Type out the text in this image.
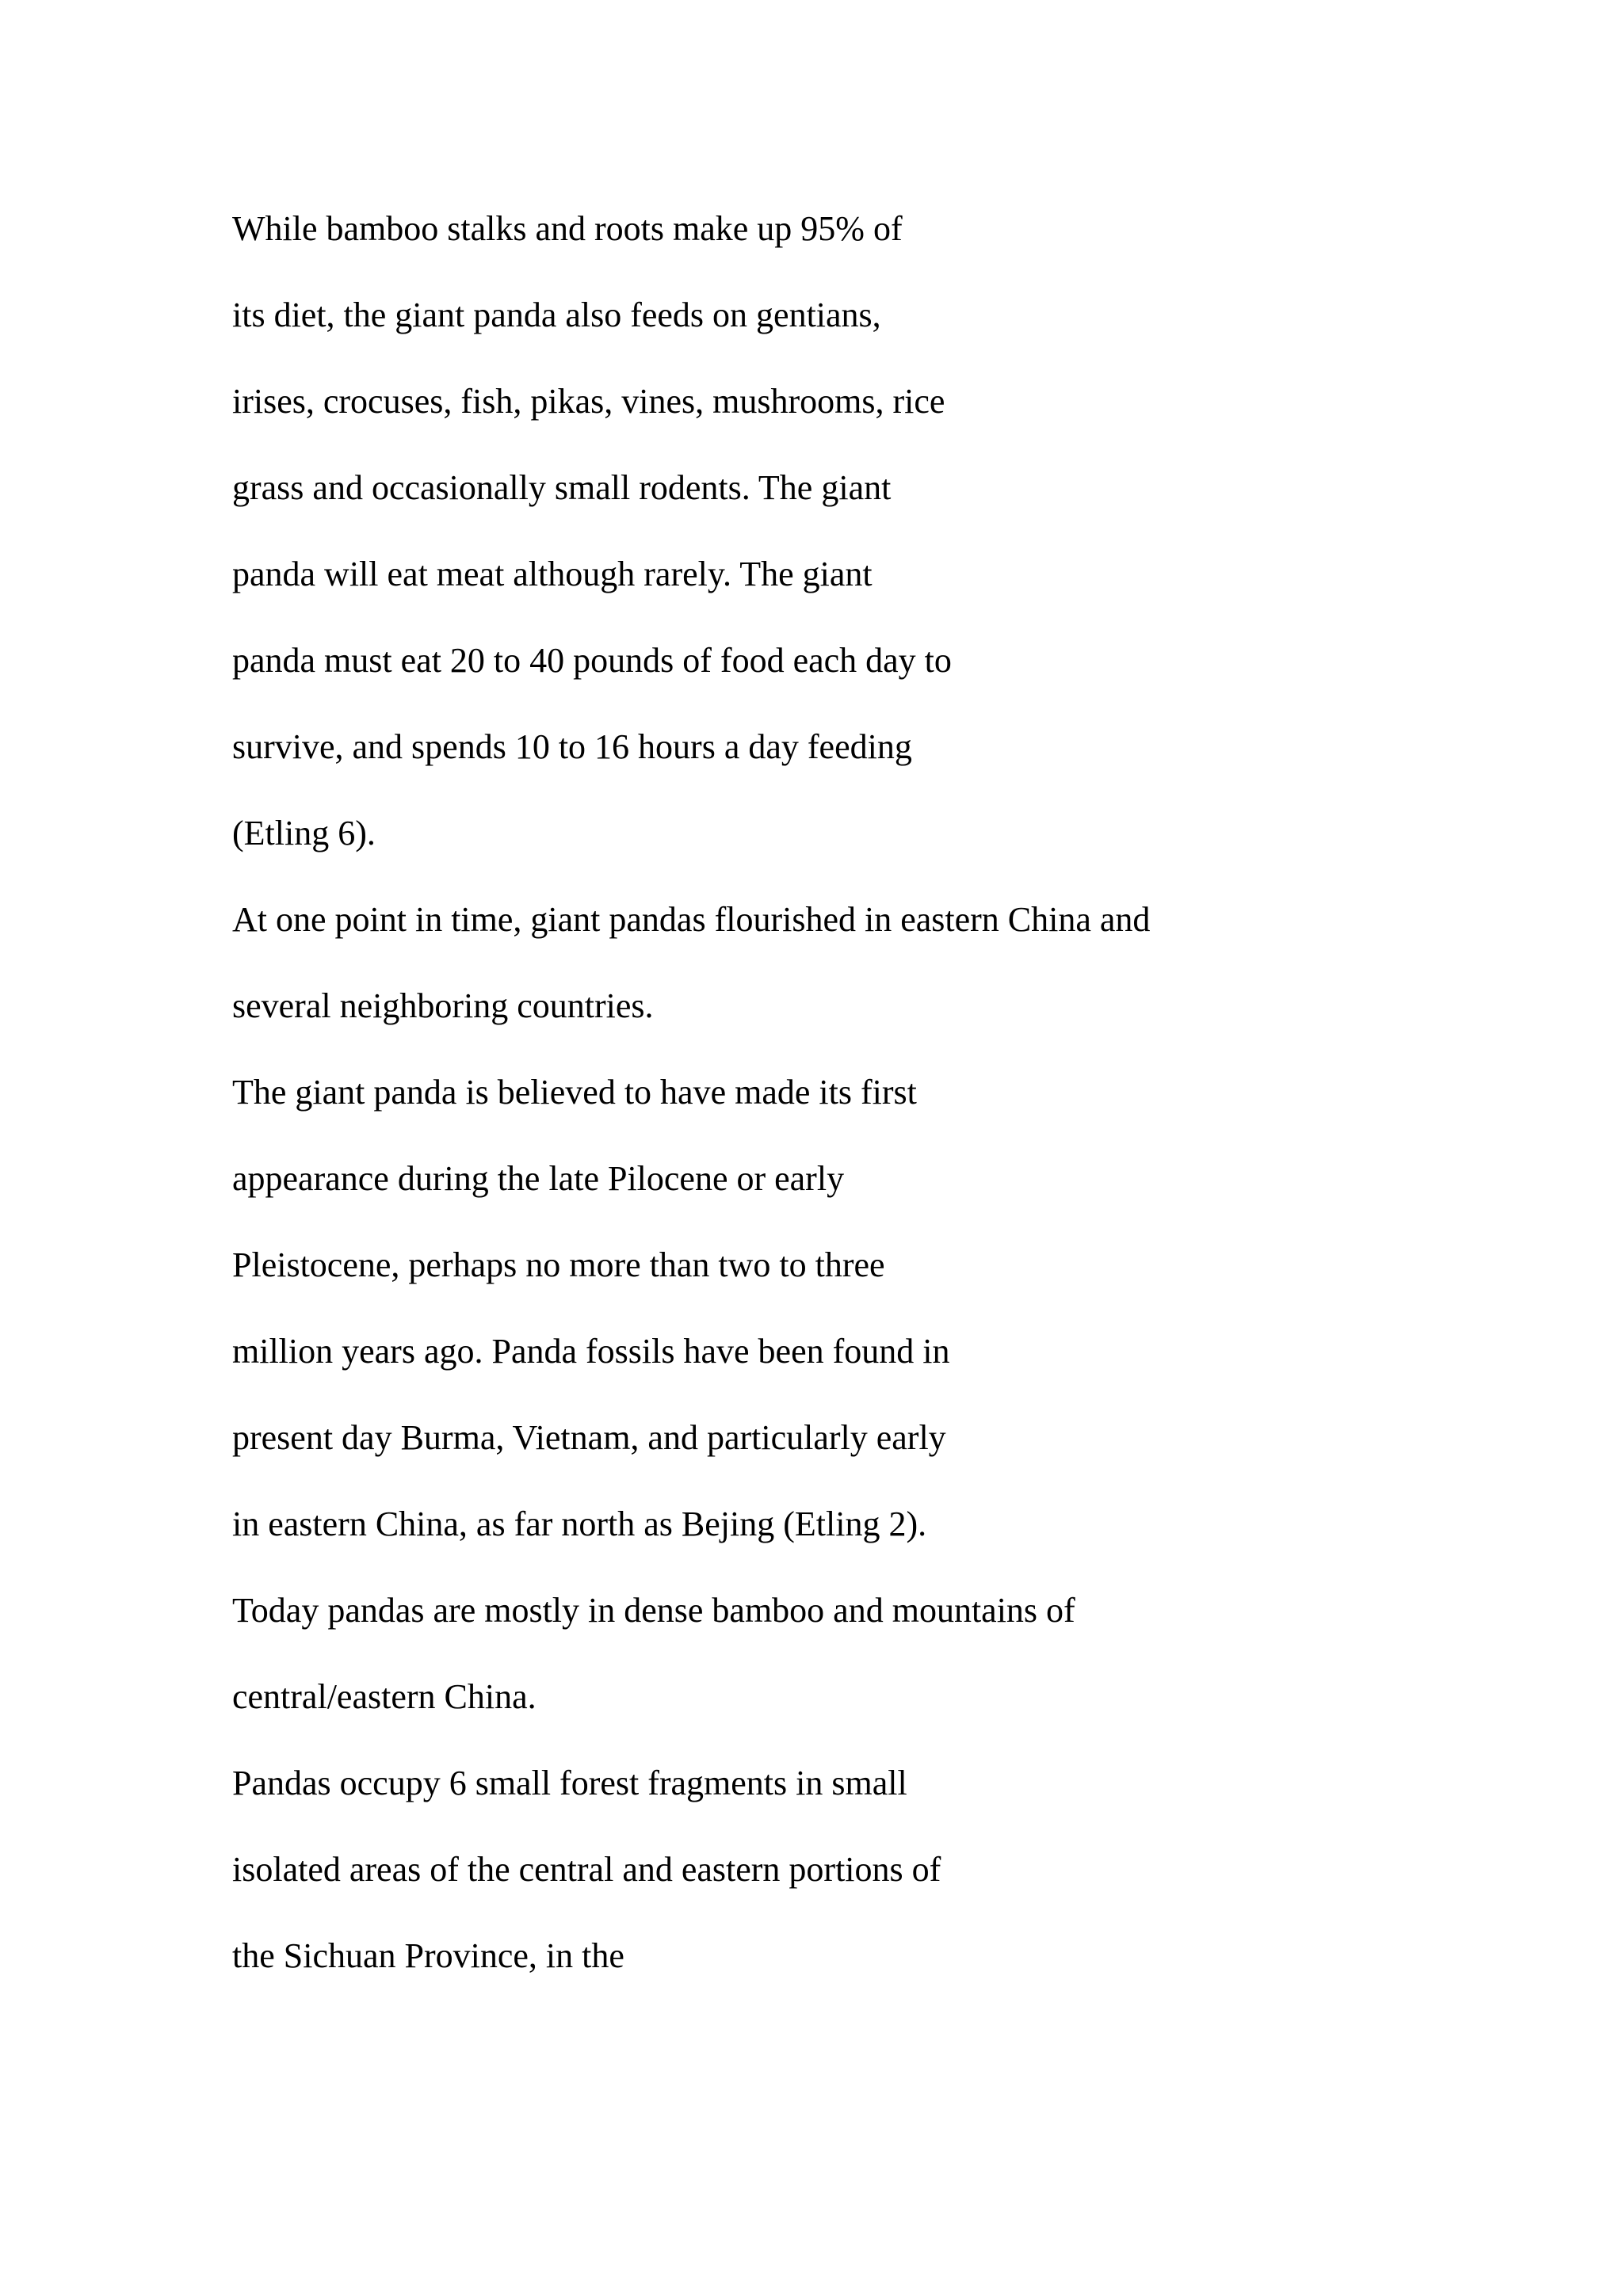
While bamboo stalks and roots make up 95% of

its diet, the giant panda also feeds on gentians,

irises, crocuses, fish, pikas, vines, mushrooms, rice

grass and occasionally small rodents. The giant

panda will eat meat although rarely. The giant

panda must eat 20 to 40 pounds of food each day to

survive, and spends 10 to 16 hours a day feeding

(Etling 6).

At one point in time, giant pandas flourished in eastern China and

several neighboring countries.

The giant panda is believed to have made its first

appearance during the late Pilocene or early

Pleistocene, perhaps no more than two to three

million years ago. Panda fossils have been found in

present day Burma, Vietnam, and particularly early

in eastern China, as far north as Bejing (Etling 2).

Today pandas are mostly in dense bamboo and mountains of

central/eastern China.

Pandas occupy 6 small forest fragments in small

isolated areas of the central and eastern portions of

the Sichuan Province, in the
